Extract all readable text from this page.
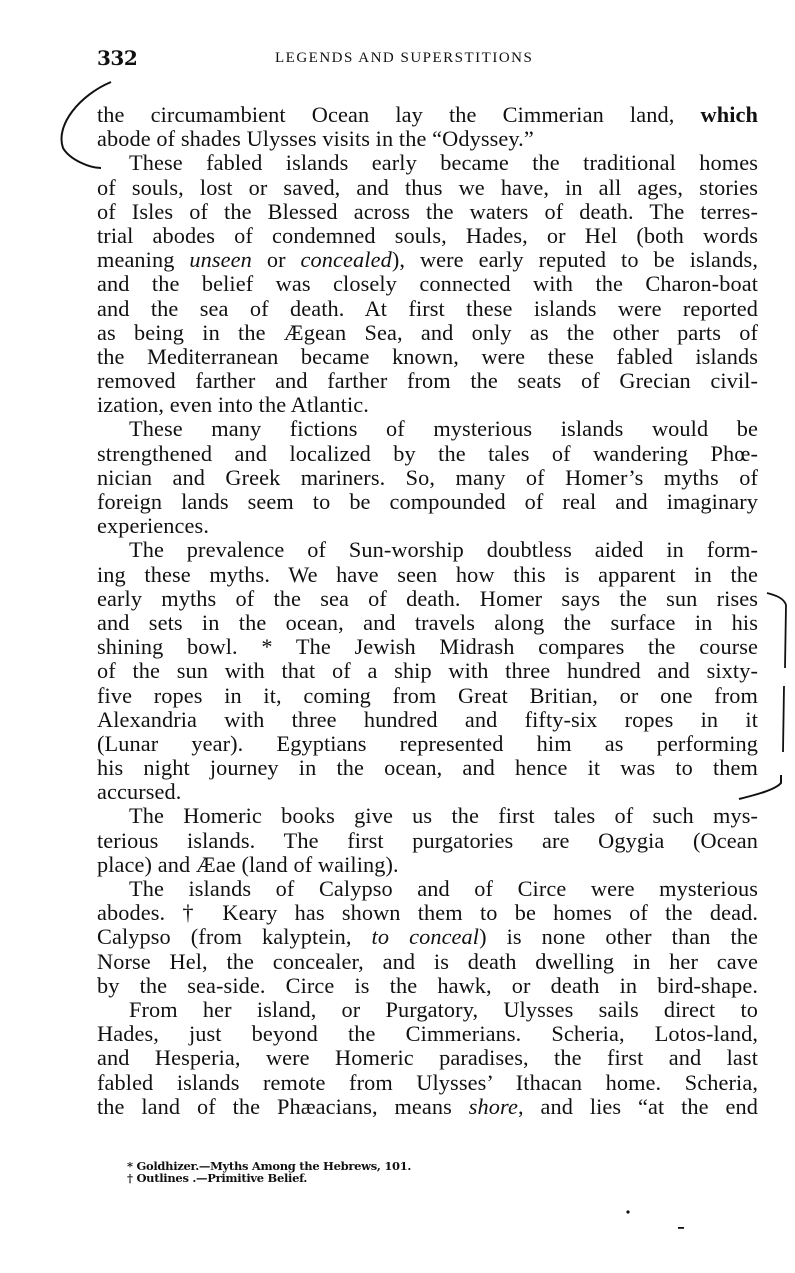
332	LEGENDS AND SUPERSTITIONS
the circumambient Ocean lay the Cimmerian land, which
abode of shades Ulysses visits in the “Odyssey.”
These fabled islands early became the traditional homes
of souls, lost or saved, and thus we have, in all ages, stories
of Isles of the Blessed across the waters of death. The terres-
trial abodes of condemned souls, Hades, or Hel (both words
meaning unseen or concealed), were early reputed to be islands,
and the belief was closely connected with the Charon-boat
and the sea of death. At first these islands were reported
as being in the Ægean Sea, and only as the other parts of
the Mediterranean became known, were these fabled islands
removed farther and farther from the seats of Grecian civil-
ization, even into the Atlantic.
These many fictions of mysterious islands would be
strengthened and localized by the tales of wandering Phœ-
nician and Greek mariners. So, many of Homer’s myths of
foreign lands seem to be compounded of real and imaginary
experiences.
The prevalence of Sun-worship doubtless aided in form-
ing these myths. We have seen how this is apparent in the
early myths of the sea of death. Homer says the sun rises
and sets in the ocean, and travels along the surface in his
shining bowl. * The Jewish Midrash compares the course
of the sun with that of a ship with three hundred and sixty-
five ropes in it, coming from Great Britian, or one from
Alexandria with three hundred and fifty-six ropes in it
(Lunar year). Egyptians represented him as performing
his night journey in the ocean, and hence it was to them
accursed.
The Homeric books give us the first tales of such mys-
terious islands. The first purgatories are Ogygia (Ocean
place) and Æae (land of wailing).
The islands of Calypso and of Circe were mysterious
abodes. † Keary has shown them to be homes of the dead.
Calypso (from kalyptein, to conceal) is none other than the
Norse Hel, the concealer, and is death dwelling in her cave
by the sea-side. Circe is the hawk, or death in bird-shape.
From her island, or Purgatory, Ulysses sails direct to
Hades, just beyond the Cimmerians. Scheria, Lotos-land,
and Hesperia, were Homeric paradises, the first and last
fabled islands remote from Ulysses’ Ithacan home. Scheria,
the land of the Phæacians, means shore, and lies “at the end
* Goldhizer.—Myths Among the Hebrews, 101.
† Outlines .—Primitive Belief.
